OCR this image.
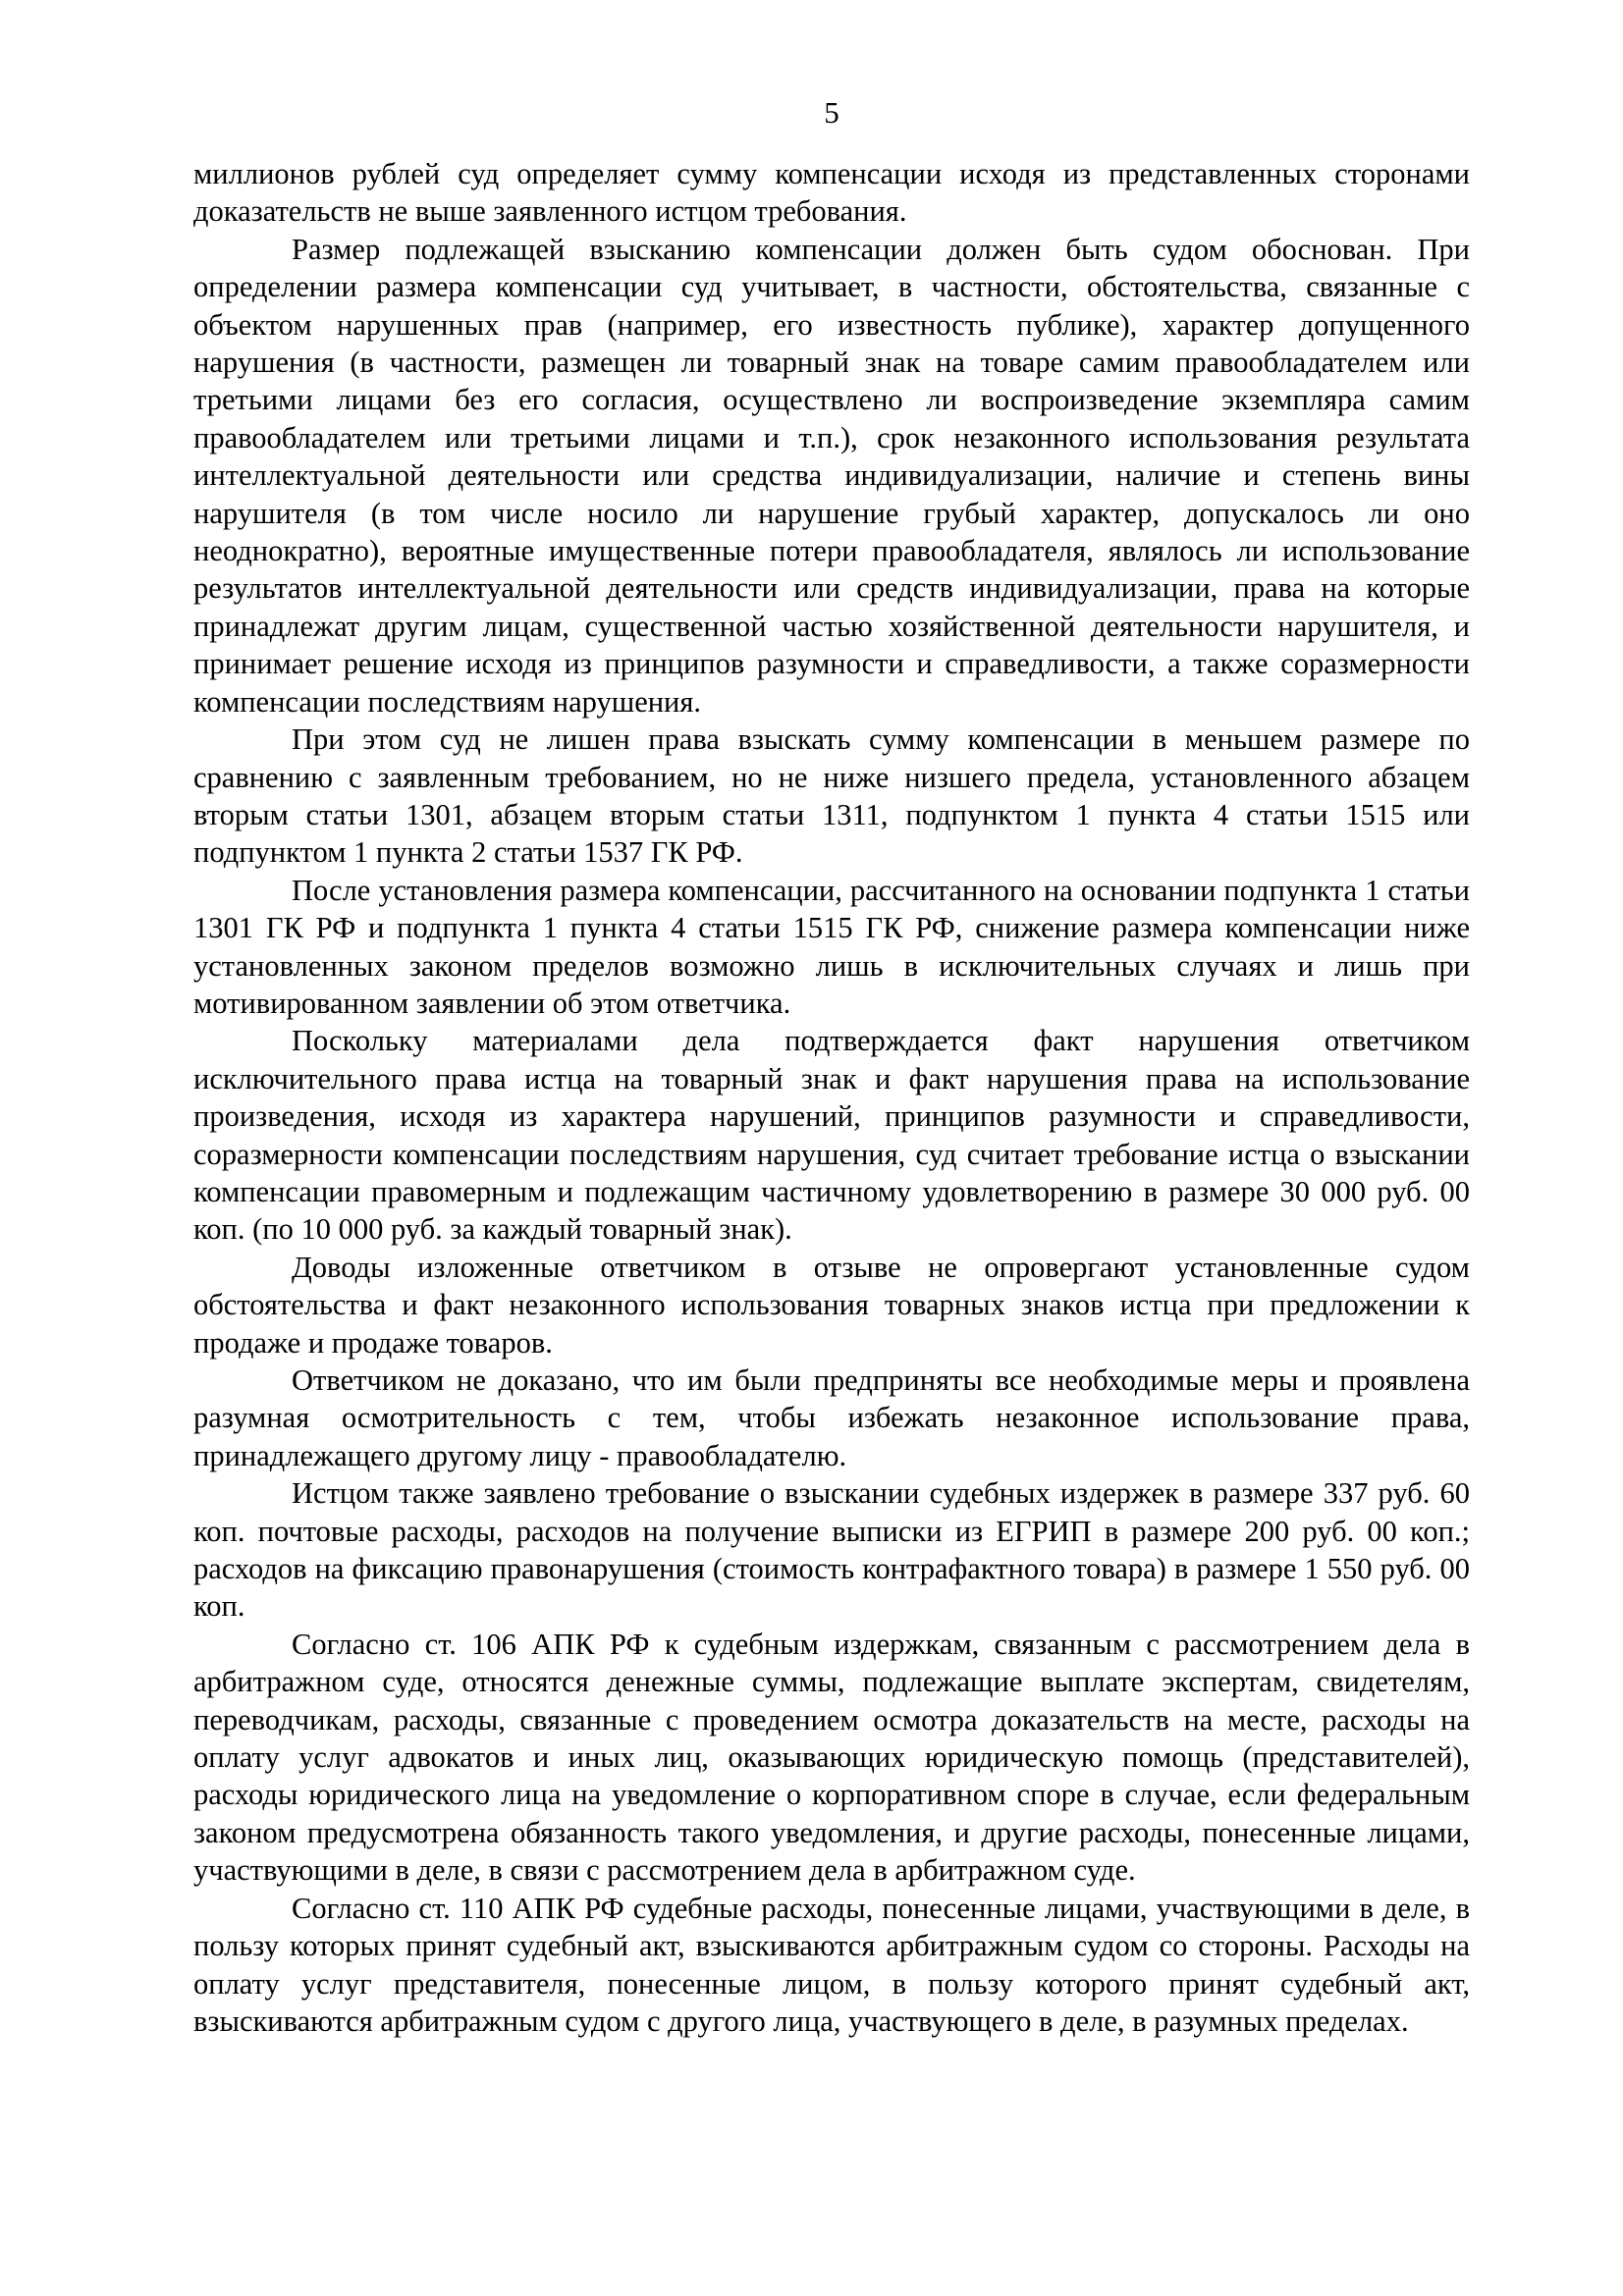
5

миллионов рублей суд определяет сумму компенсации исходя из представленных сторонами доказательств не выше заявленного истцом требования.

Размер подлежащей взысканию компенсации должен быть судом обоснован. При определении размера компенсации суд учитывает, в частности, обстоятельства, связанные с объектом нарушенных прав (например, его известность публике), характер допущенного нарушения (в частности, размещен ли товарный знак на товаре самим правообладателем или третьими лицами без его согласия, осуществлено ли воспроизведение экземпляра самим правообладателем или третьими лицами и т.п.), срок незаконного использования результата интеллектуальной деятельности или средства индивидуализации, наличие и степень вины нарушителя (в том числе носило ли нарушение грубый характер, допускалось ли оно неоднократно), вероятные имущественные потери правообладателя, являлось ли использование результатов интеллектуальной деятельности или средств индивидуализации, права на которые принадлежат другим лицам, существенной частью хозяйственной деятельности нарушителя, и принимает решение исходя из принципов разумности и справедливости, а также соразмерности компенсации последствиям нарушения.

При этом суд не лишен права взыскать сумму компенсации в меньшем размере по сравнению с заявленным требованием, но не ниже низшего предела, установленного абзацем вторым статьи 1301, абзацем вторым статьи 1311, подпунктом 1 пункта 4 статьи 1515 или подпунктом 1 пункта 2 статьи 1537 ГК РФ.

После установления размера компенсации, рассчитанного на основании подпункта 1 статьи 1301 ГК РФ и подпункта 1 пункта 4 статьи 1515 ГК РФ, снижение размера компенсации ниже установленных законом пределов возможно лишь в исключительных случаях и лишь при мотивированном заявлении об этом ответчика.

Поскольку материалами дела подтверждается факт нарушения ответчиком исключительного права истца на товарный знак и факт нарушения права на использование произведения, исходя из характера нарушений, принципов разумности и справедливости, соразмерности компенсации последствиям нарушения, суд считает требование истца о взыскании компенсации правомерным и подлежащим частичному удовлетворению в размере 30 000 руб. 00 коп. (по 10 000 руб. за каждый товарный знак).

Доводы изложенные ответчиком в отзыве не опровергают установленные судом обстоятельства и факт незаконного использования товарных знаков истца при предложении к продаже и продаже товаров.

Ответчиком не доказано, что им были предприняты все необходимые меры и проявлена разумная осмотрительность с тем, чтобы избежать незаконное использование права, принадлежащего другому лицу - правообладателю.

Истцом также заявлено требование о взыскании судебных издержек в размере 337 руб. 60 коп. почтовые расходы, расходов на получение выписки из ЕГРИП в размере 200 руб. 00 коп.; расходов на фиксацию правонарушения (стоимость контрафактного товара) в размере 1 550 руб. 00 коп.

Согласно ст. 106 АПК РФ к судебным издержкам, связанным с рассмотрением дела в арбитражном суде, относятся денежные суммы, подлежащие выплате экспертам, свидетелям, переводчикам, расходы, связанные с проведением осмотра доказательств на месте, расходы на оплату услуг адвокатов и иных лиц, оказывающих юридическую помощь (представителей), расходы юридического лица на уведомление о корпоративном споре в случае, если федеральным законом предусмотрена обязанность такого уведомления, и другие расходы, понесенные лицами, участвующими в деле, в связи с рассмотрением дела в арбитражном суде.

Согласно ст. 110 АПК РФ судебные расходы, понесенные лицами, участвующими в деле, в пользу которых принят судебный акт, взыскиваются арбитражным судом со стороны. Расходы на оплату услуг представителя, понесенные лицом, в пользу которого принят судебный акт, взыскиваются арбитражным судом с другого лица, участвующего в деле, в разумных пределах.
